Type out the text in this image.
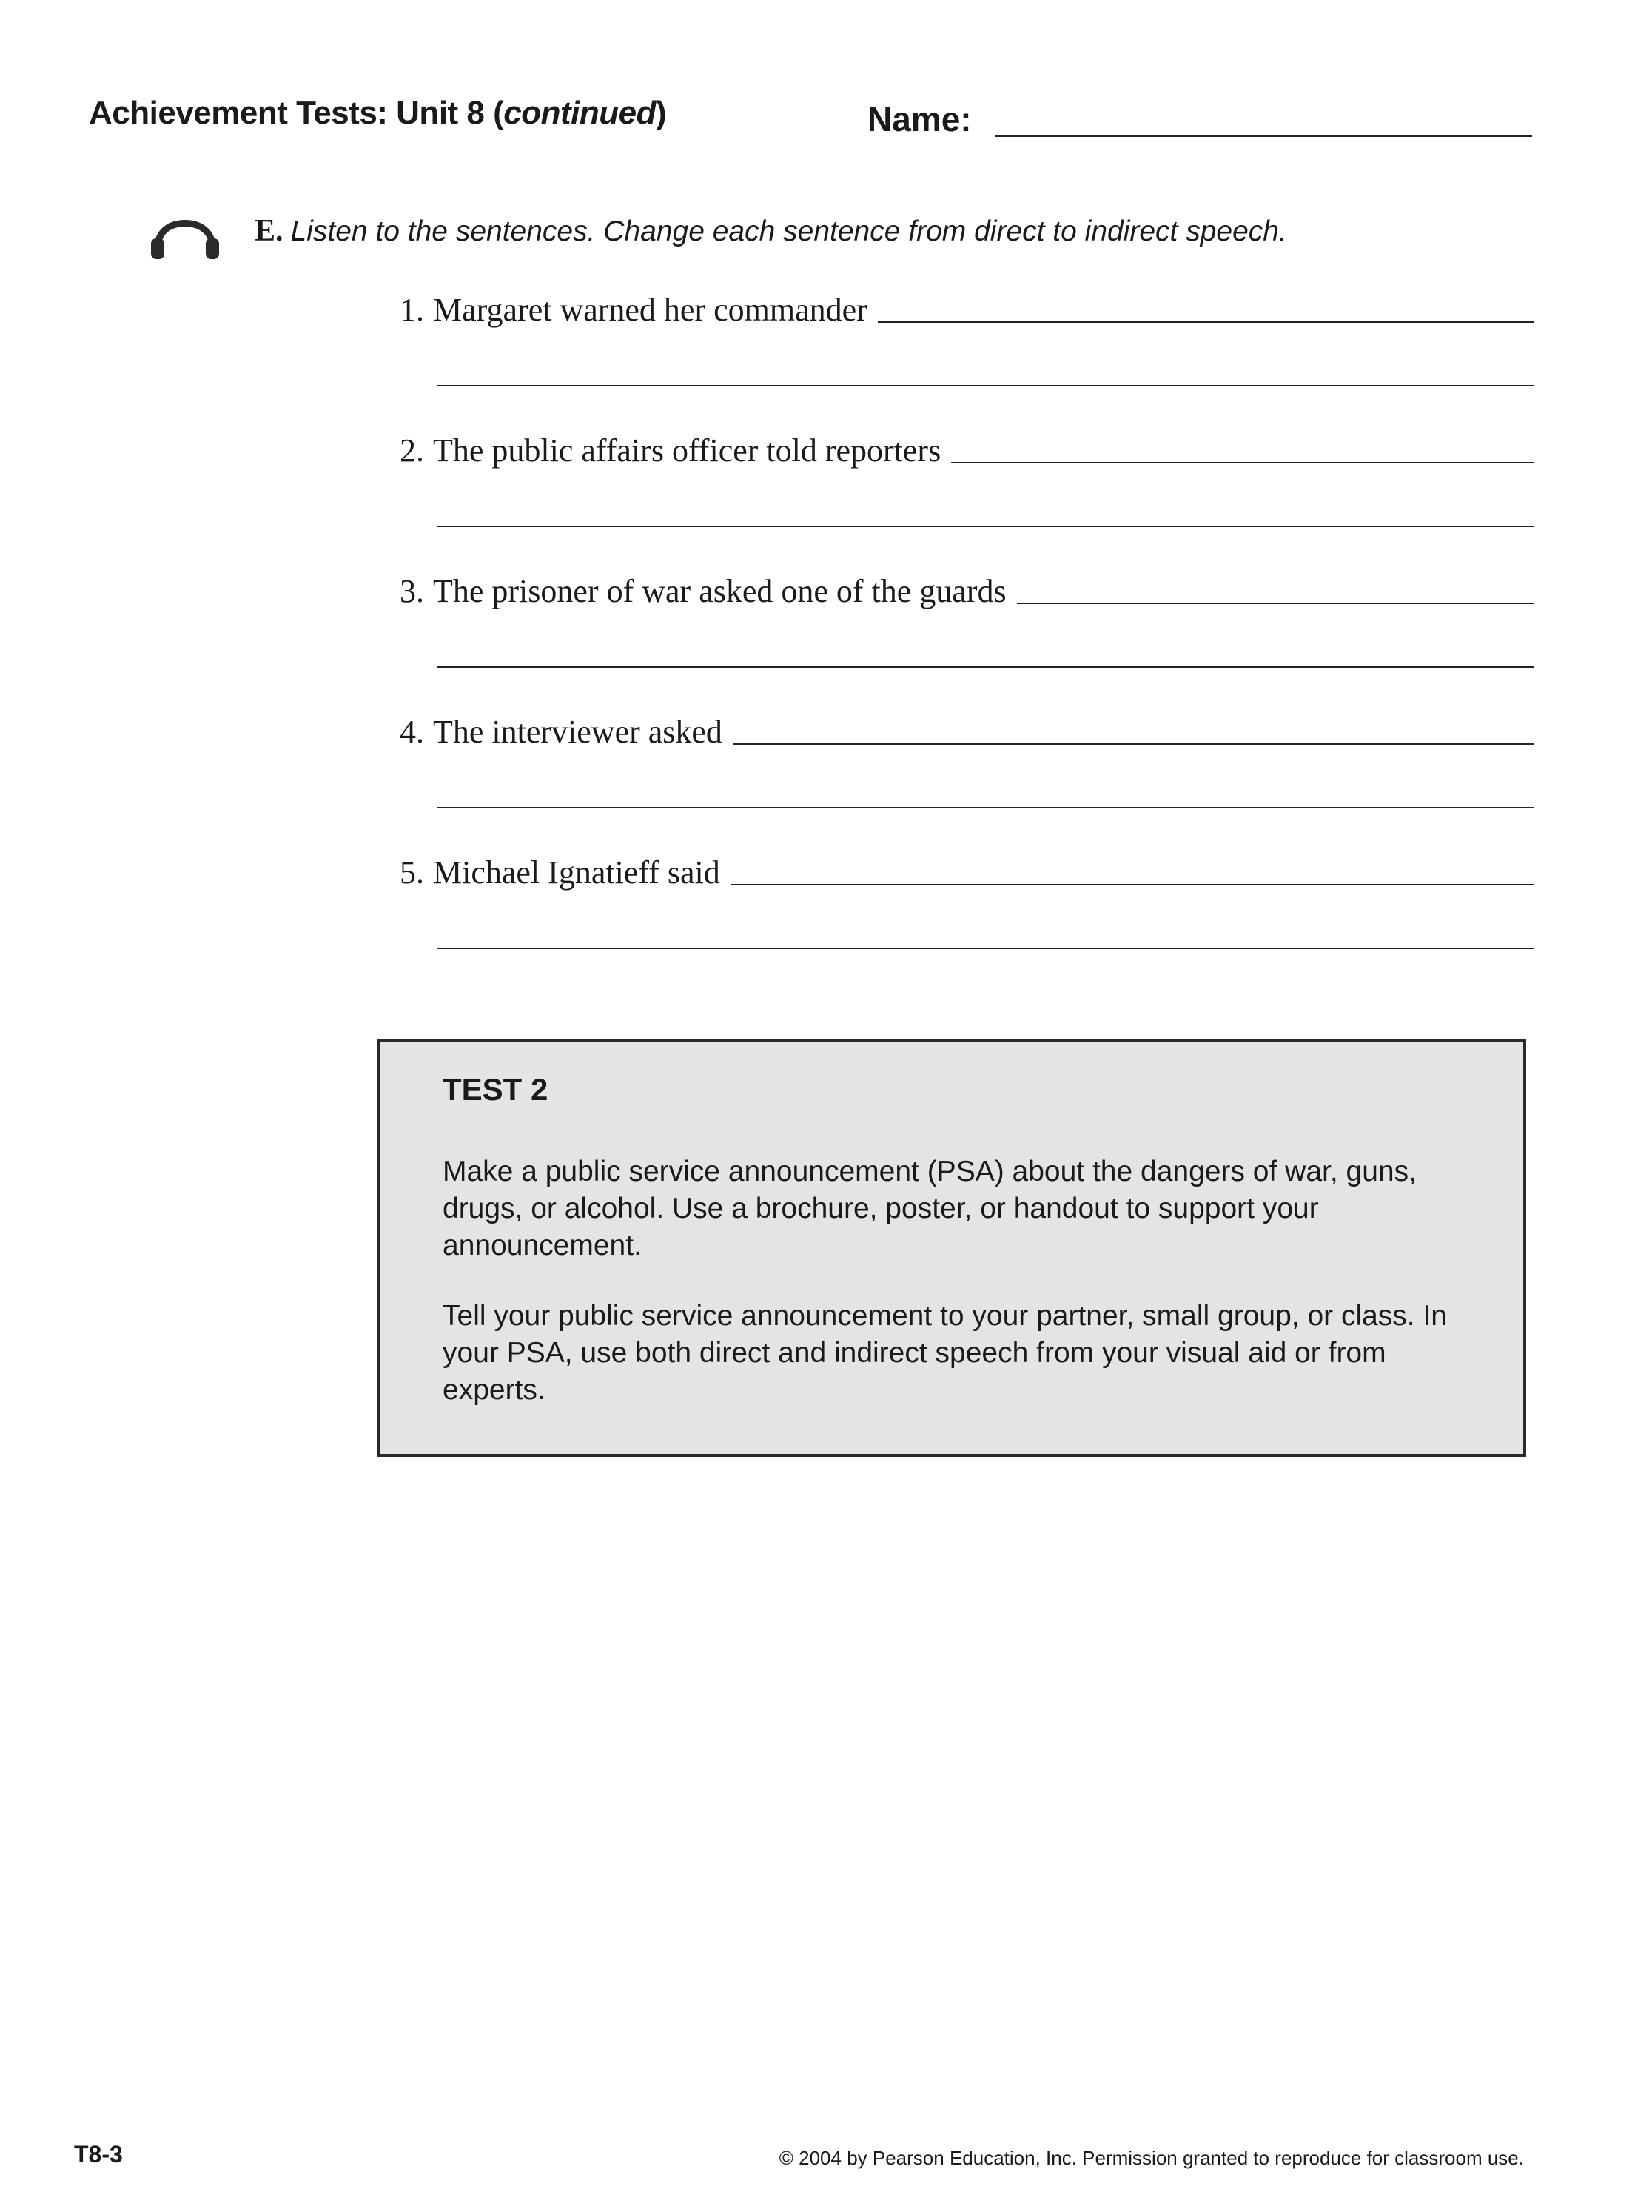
Achievement Tests: Unit 8 (continued)	Name:
E. Listen to the sentences. Change each sentence from direct to indirect speech.
1. Margaret warned her commander
2. The public affairs officer told reporters
3. The prisoner of war asked one of the guards
4. The interviewer asked
5. Michael Ignatieff said
TEST 2
Make a public service announcement (PSA) about the dangers of war, guns, drugs, or alcohol. Use a brochure, poster, or handout to support your announcement.
Tell your public service announcement to your partner, small group, or class. In your PSA, use both direct and indirect speech from your visual aid or from experts.
T8-3	© 2004 by Pearson Education, Inc. Permission granted to reproduce for classroom use.
